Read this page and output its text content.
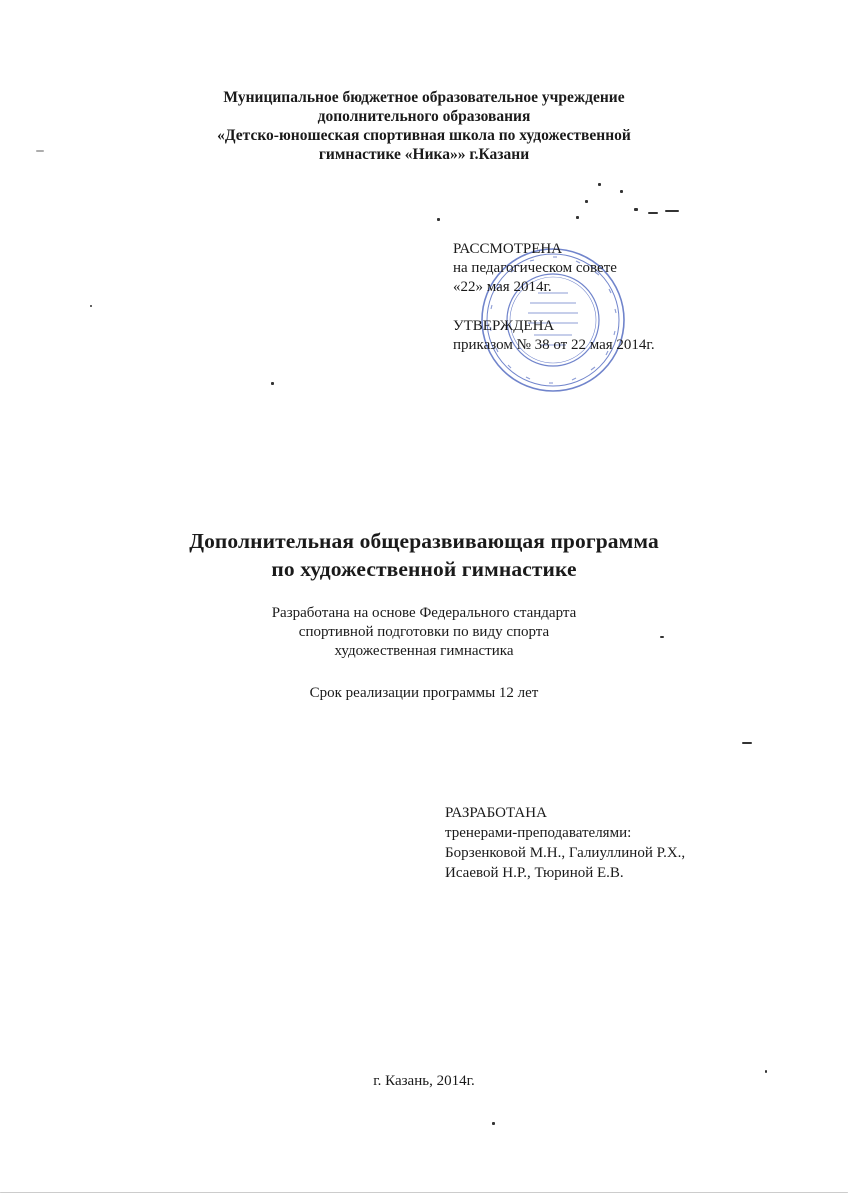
Муниципальное бюджетное образовательное учреждение
дополнительного образования
«Детско-юношеская спортивная школа по художественной
гимнастике «Ника»» г.Казани
РАССМОТРЕНА
на педагогическом совете
«22» мая 2014г.
УТВЕРЖДЕНА
приказом № 38 от 22 мая 2014г.
Дополнительная общеразвивающая программа
по художественной гимнастике
Разработана на основе Федерального стандарта
спортивной подготовки по виду спорта
художественная гимнастика
Срок реализации программы 12 лет
РАЗРАБОТАНА
тренерами-преподавателями:
Борзенковой М.Н., Галиуллиной Р.Х.,
Исаевой Н.Р., Тюриной Е.В.
г. Казань, 2014г.
